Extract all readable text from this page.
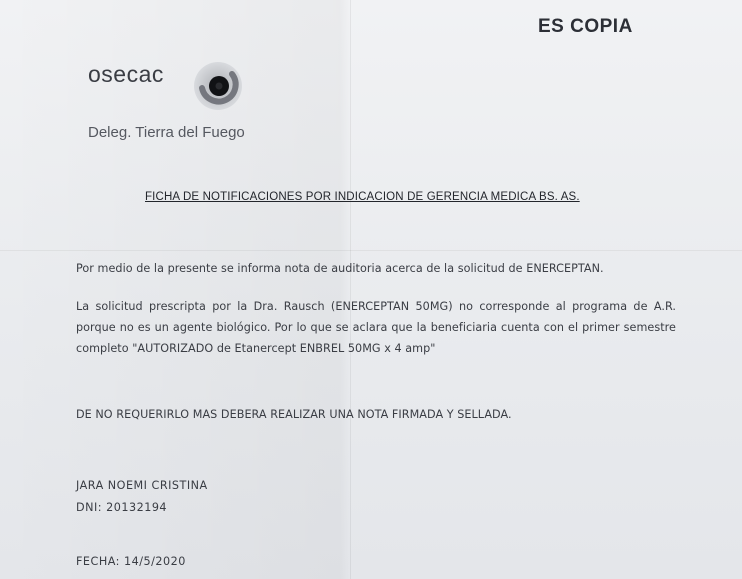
ES COPIA
osecac
Deleg. Tierra del Fuego
FICHA DE NOTIFICACIONES POR INDICACION DE GERENCIA MEDICA BS. AS.
Por medio de la presente se informa nota de auditoria acerca de la solicitud de ENERCEPTAN.
La solicitud prescripta por la Dra. Rausch (ENERCEPTAN 50MG) no corresponde al programa de A.R. porque no es un agente biológico. Por lo que se aclara que la beneficiaria cuenta con el primer semestre completo "AUTORIZADO de Etanercept ENBREL 50MG x 4 amp"
DE NO REQUERIRLO MAS DEBERA REALIZAR UNA NOTA FIRMADA Y SELLADA.
JARA NOEMI CRISTINA
DNI: 20132194
FECHA: 14/5/2020
